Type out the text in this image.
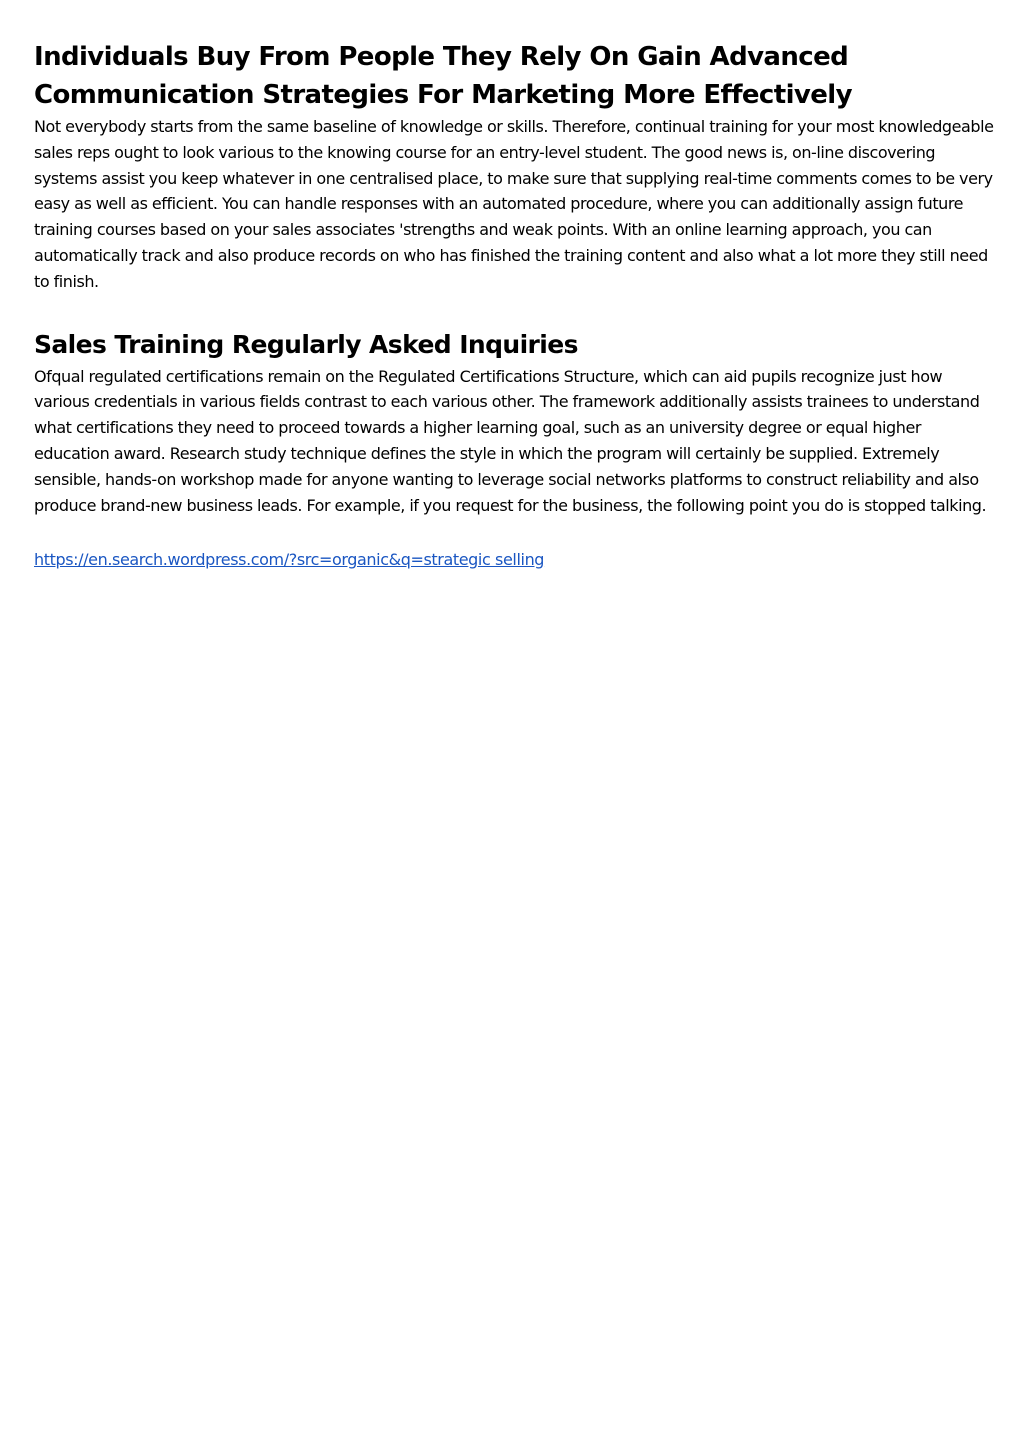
Individuals Buy From People They Rely On Gain Advanced Communication Strategies For Marketing More Effectively

Not everybody starts from the same baseline of knowledge or skills. Therefore, continual training for your most knowledgeable sales reps ought to look various to the knowing course for an entry-level student. The good news is, on-line discovering systems assist you keep whatever in one centralised place, to make sure that supplying real-time comments comes to be very easy as well as efficient. You can handle responses with an automated procedure, where you can additionally assign future training courses based on your sales associates 'strengths and weak points. With an online learning approach, you can automatically track and also produce records on who has finished the training content and also what a lot more they still need to finish.

Sales Training Regularly Asked Inquiries

Ofqual regulated certifications remain on the Regulated Certifications Structure, which can aid pupils recognize just how various credentials in various fields contrast to each various other. The framework additionally assists trainees to understand what certifications they need to proceed towards a higher learning goal, such as an university degree or equal higher education award. Research study technique defines the style in which the program will certainly be supplied. Extremely sensible, hands-on workshop made for anyone wanting to leverage social networks platforms to construct reliability and also produce brand-new business leads. For example, if you request for the business, the following point you do is stopped talking.

https://en.search.wordpress.com/?src=organic&q=strategic selling
